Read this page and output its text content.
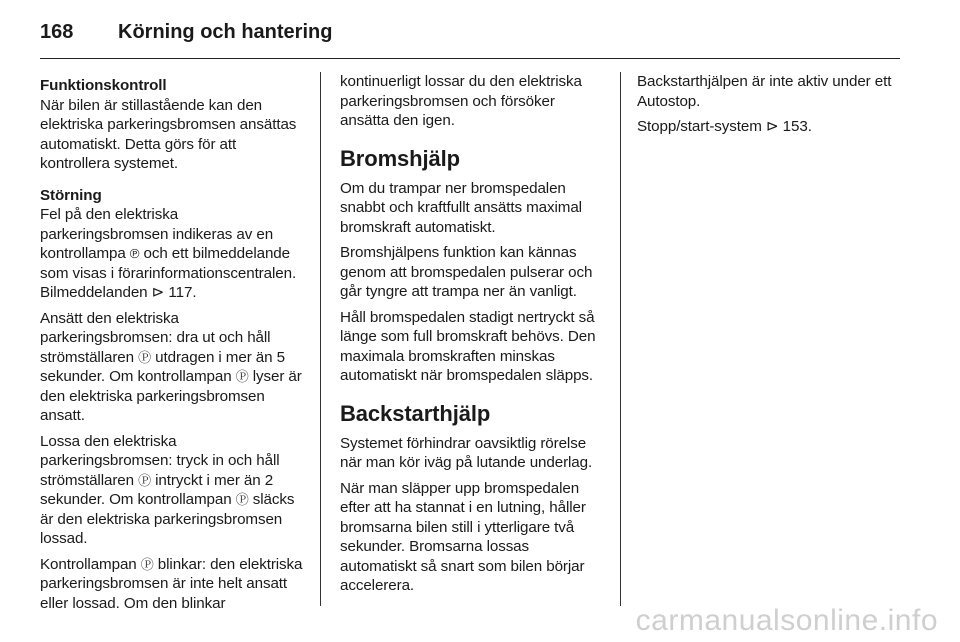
168 Körning och hantering
Funktionskontroll

När bilen är stillastående kan den elektriska parkeringsbromsen ansättas automatiskt. Detta görs för att kontrollera systemet.

Störning

Fel på den elektriska parkeringsbromsen indikeras av en kontrollampa ℗ och ett bilmeddelande som visas i förarinformationscentralen. Bilmeddelanden ⊳ 117.

Ansätt den elektriska parkeringsbromsen: dra ut och håll strömställaren Ⓟ utdragen i mer än 5 sekunder. Om kontrollampan Ⓟ lyser är den elektriska parkeringsbromsen ansatt.

Lossa den elektriska parkeringsbromsen: tryck in och håll strömställaren Ⓟ intryckt i mer än 2 sekunder. Om kontrollampan Ⓟ släcks är den elektriska parkeringsbromsen lossad.

Kontrollampan Ⓟ blinkar: den elektriska parkeringsbromsen är inte helt ansatt eller lossad. Om den blinkar

kontinuerligt lossar du den elektriska parkeringsbromsen och försöker ansätta den igen.

Bromshjälp

Om du trampar ner bromspedalen snabbt och kraftfullt ansätts maximal bromskraft automatiskt.

Bromshjälpens funktion kan kännas genom att bromspedalen pulserar och går tyngre att trampa ner än vanligt.

Håll bromspedalen stadigt nertryckt så länge som full bromskraft behövs. Den maximala bromskraften minskas automatiskt när bromspedalen släpps.

Backstarthjälp

Systemet förhindrar oavsiktlig rörelse när man kör iväg på lutande underlag.

När man släpper upp bromspedalen efter att ha stannat i en lutning, håller bromsarna bilen still i ytterligare två sekunder. Bromsarna lossas automatiskt så snart som bilen börjar accelerera.

Backstarthjälpen är inte aktiv under ett Autostop.

Stopp/start-system ⊳ 153.

carmanualsonline.info
